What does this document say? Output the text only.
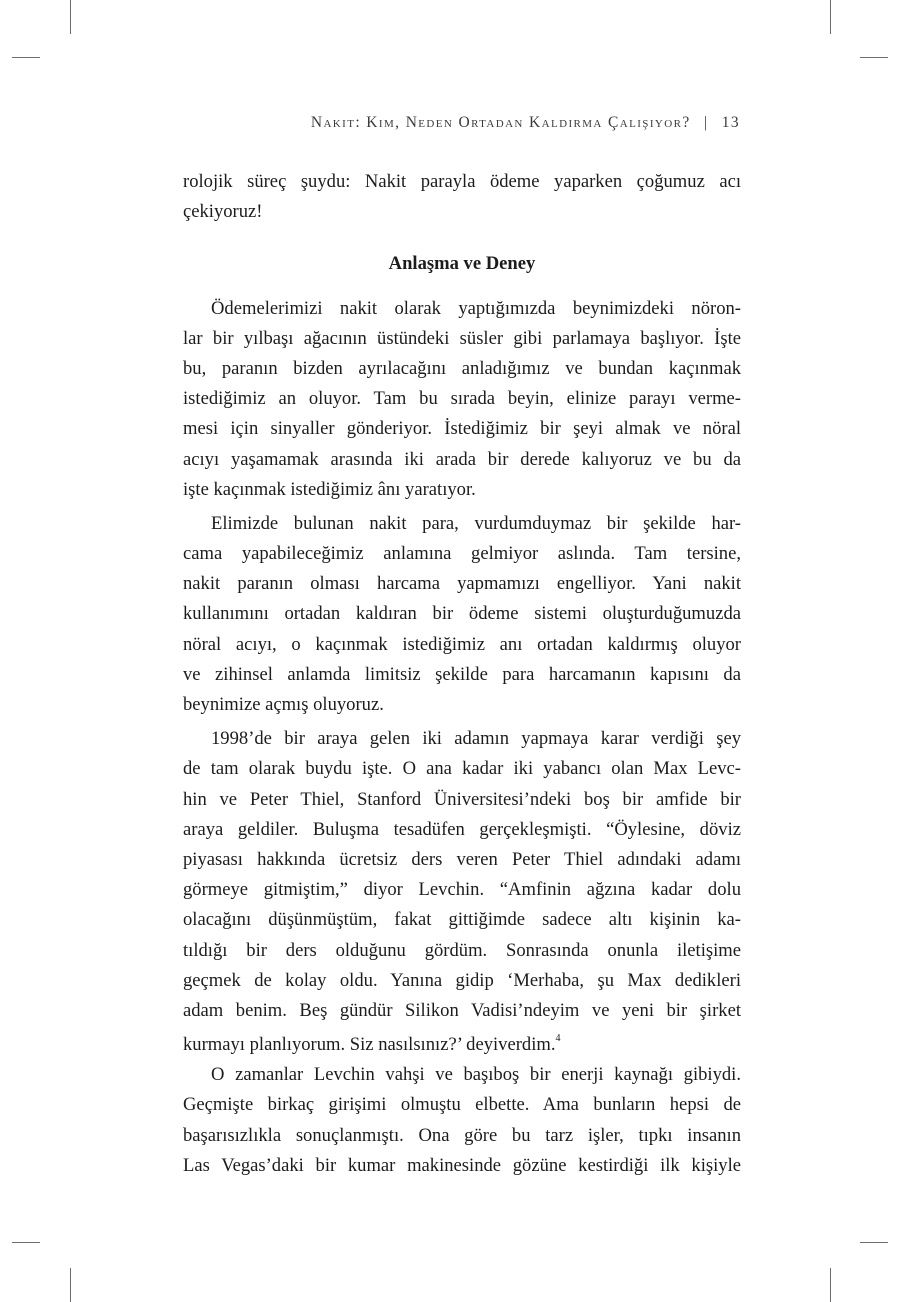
Nakit: Kim, Neden Ortadan Kaldırma Çalışıyor? | 13
rolojik süreç şuydu: Nakit parayla ödeme yaparken çoğumuz acı
çekiyoruz!
Anlaşma ve Deney
Ödemelerimizi nakit olarak yaptığımızda beynimizdeki nöron-
lar bir yılbaşı ağacının üstündeki süsler gibi parlamaya başlıyor. İşte
bu, paranın bizden ayrılacağını anladığımız ve bundan kaçınmak
istediğimiz an oluyor. Tam bu sırada beyin, elinize parayı verme-
mesi için sinyaller gönderiyor. İstediğimiz bir şeyi almak ve nöral
acıyı yaşamamak arasında iki arada bir derede kalıyoruz ve bu da
işte kaçınmak istediğimiz ânı yaratıyor.
Elimizde bulunan nakit para, vurdumduymaz bir şekilde har-
cama yapabileceğimiz anlamına gelmiyor aslında. Tam tersine,
nakit paranın olması harcama yapmamızı engelliyor. Yani nakit
kullanımını ortadan kaldıran bir ödeme sistemi oluşturduğumuzda
nöral acıyı, o kaçınmak istediğimiz anı ortadan kaldırmış oluyor
ve zihinsel anlamda limitsiz şekilde para harcamanın kapısını da
beynimize açmış oluyoruz.
1998’de bir araya gelen iki adamın yapmaya karar verdiği şey
de tam olarak buydu işte. O ana kadar iki yabancı olan Max Levc-
hin ve Peter Thiel, Stanford Üniversitesi’ndeki boş bir amfide bir
araya geldiler. Buluşma tesadüfen gerçekleşmişti. “Öylesine, döviz
piyasası hakkında ücretsiz ders veren Peter Thiel adındaki adamı
görmeye gitmiştim,” diyor Levchin. “Amfinin ağzına kadar dolu
olacağını düşünmüştüm, fakat gittiğimde sadece altı kişinin ka-
tıldığı bir ders olduğunu gördüm. Sonrasında onunla iletişime
geçmek de kolay oldu. Yanına gidip ‘Merhaba, şu Max dedikleri
adam benim. Beş gündür Silikon Vadisi’ndeyim ve yeni bir şirket
kurmayı planlıyorum. Siz nasılsınız?’ deyiverdim.$^4$
O zamanlar Levchin vahşi ve başıboş bir enerji kaynağı gibiydi.
Geçmişte birkaç girişimi olmuştu elbette. Ama bunların hepsi de
başarısızlıkla sonuçlanmıştı. Ona göre bu tarz işler, tıpkı insanın
Las Vegas’daki bir kumar makinesinde gözüne kestirdiği ilk kişiyle
